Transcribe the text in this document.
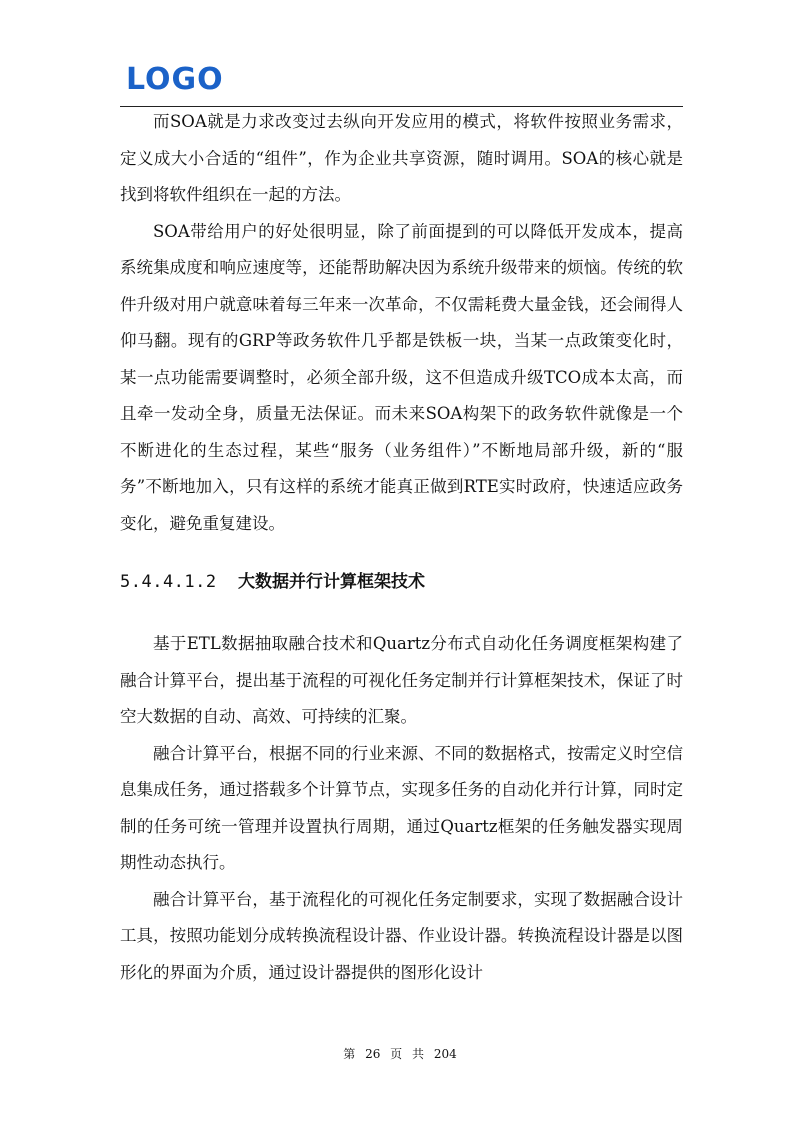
LOGO

而SOA就是力求改变过去纵向开发应用的模式，将软件按照业务需求，定义成大小合适的“组件”，作为企业共享资源，随时调用。SOA的核心就是找到将软件组织在一起的方法。

SOA带给用户的好处很明显，除了前面提到的可以降低开发成本，提高系统集成度和响应速度等，还能帮助解决因为系统升级带来的烦恼。传统的软件升级对用户就意味着每三年来一次革命，不仅需耗费大量金钱，还会闹得人仰马翻。现有的GRP等政务软件几乎都是铁板一块，当某一点政策变化时，某一点功能需要调整时，必须全部升级，这不但造成升级TCO成本太高，而且牵一发动全身，质量无法保证。而未来SOA构架下的政务软件就像是一个不断进化的生态过程，某些“服务（业务组件）”不断地局部升级，新的“服务”不断地加入，只有这样的系统才能真正做到RTE实时政府，快速适应政务变化，避免重复建设。

5.4.4.1.2	大数据并行计算框架技术

基于ETL数据抽取融合技术和Quartz分布式自动化任务调度框架构建了融合计算平台，提出基于流程的可视化任务定制并行计算框架技术，保证了时空大数据的自动、高效、可持续的汇聚。

融合计算平台，根据不同的行业来源、不同的数据格式，按需定义时空信息集成任务，通过搭载多个计算节点，实现多任务的自动化并行计算，同时定制的任务可统一管理并设置执行周期，通过Quartz框架的任务触发器实现周期性动态执行。

融合计算平台，基于流程化的可视化任务定制要求，实现了数据融合设计工具，按照功能划分成转换流程设计器、作业设计器。转换流程设计器是以图形化的界面为介质，通过设计器提供的图形化设计

第 26 页 共 204
